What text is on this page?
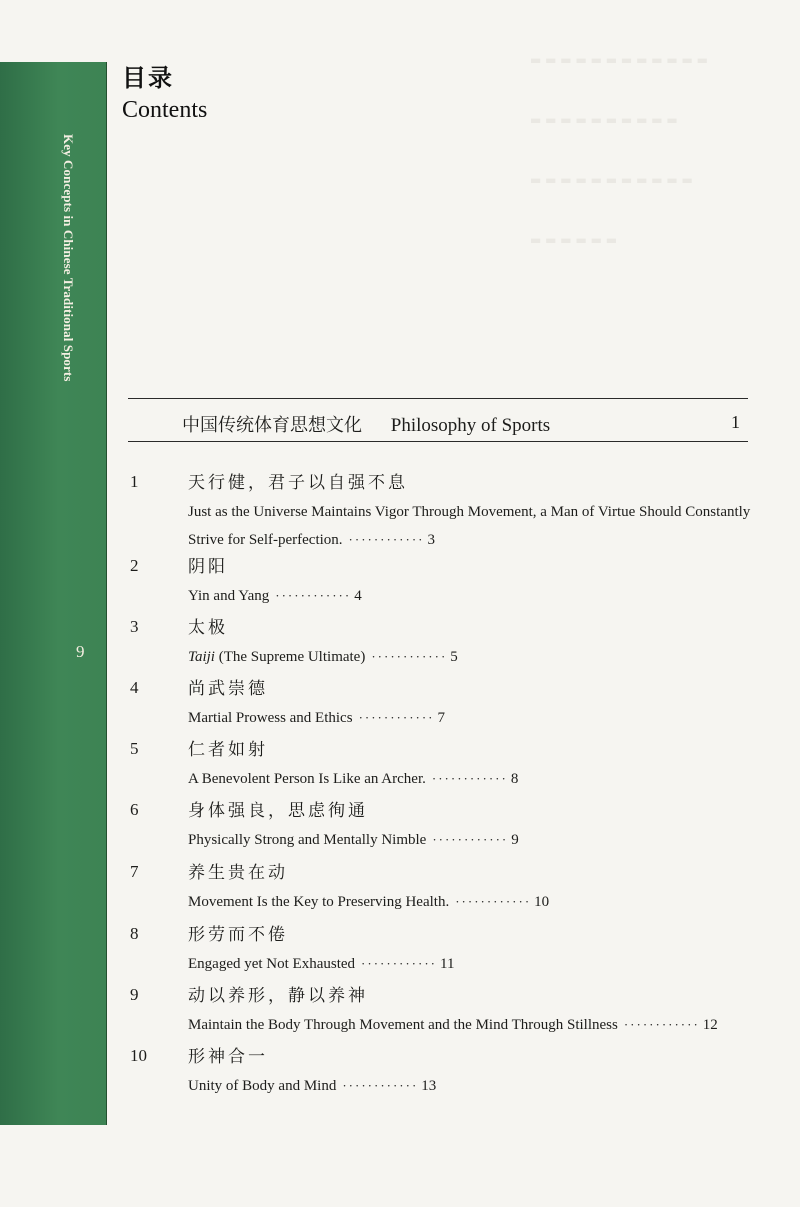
▬ ▬ ▬ ▬ ▬ ▬ ▬ ▬ ▬ ▬ ▬ ▬
▬ ▬ ▬ ▬ ▬ ▬ ▬ ▬ ▬ ▬
▬ ▬ ▬ ▬ ▬ ▬ ▬ ▬ ▬ ▬ ▬
▬ ▬ ▬ ▬ ▬ ▬
Key Concepts in Chinese Traditional Sports
9
目录
Contents
中国传统体育思想文化 Philosophy of Sports	1
1	天行健，君子以自强不息
Just as the Universe Maintains Vigor Through Movement, a Man of Virtue Should Constantly Strive for Self-perfection. ············ 3
2	阴阳
Yin and Yang ············ 4
3	太极
Taiji (The Supreme Ultimate) ············ 5
4	尚武崇德
Martial Prowess and Ethics ············ 7
5	仁者如射
A Benevolent Person Is Like an Archer. ············ 8
6	身体强良，思虑徇通
Physically Strong and Mentally Nimble ············ 9
7	养生贵在动
Movement Is the Key to Preserving Health. ············ 10
8	形劳而不倦
Engaged yet Not Exhausted ············ 11
9	动以养形，静以养神
Maintain the Body Through Movement and the Mind Through Stillness ············ 12
10 形神合一
Unity of Body and Mind ············ 13
